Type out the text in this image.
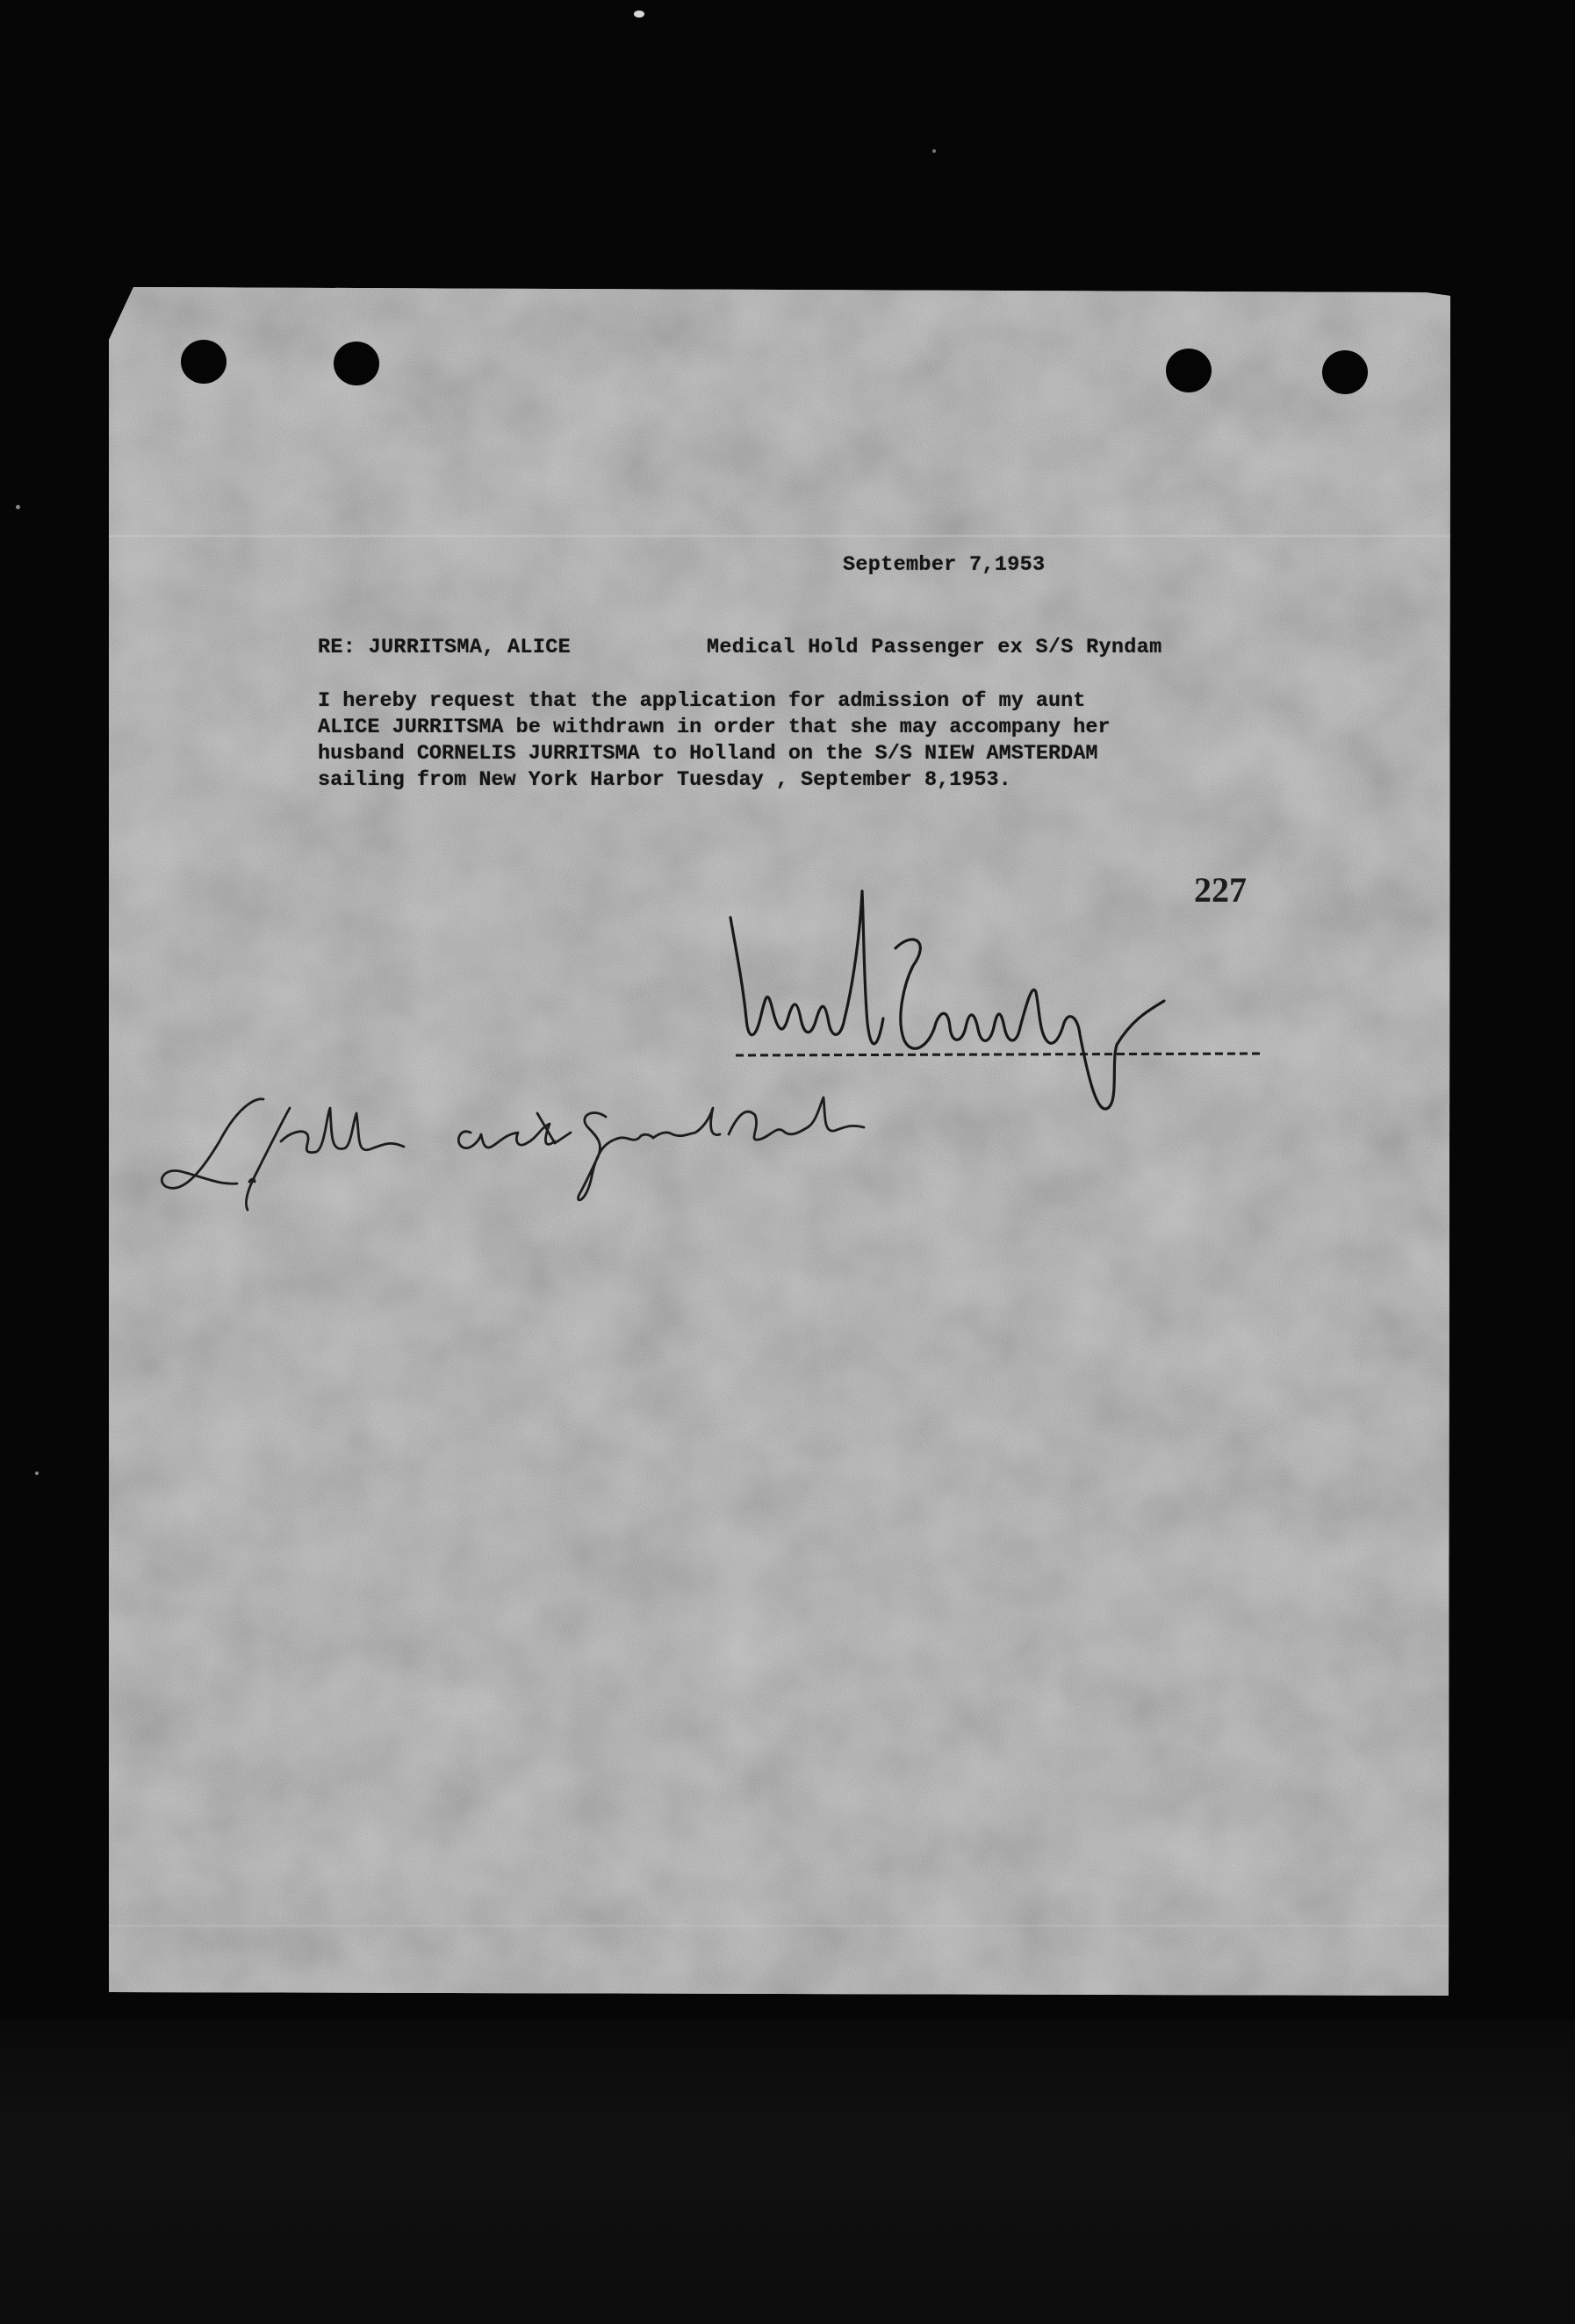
September 7,1953
RE: JURRITSMA, ALICE	Medical Hold Passenger ex S/S Ryndam
I hereby request that the application for admission of my aunt
ALICE JURRITSMA be withdrawn in order that she may accompany her
husband CORNELIS JURRITSMA to Holland on the S/S NIEW AMSTERDAM
sailing from New York Harbor Tuesday , September 8,1953.
227
